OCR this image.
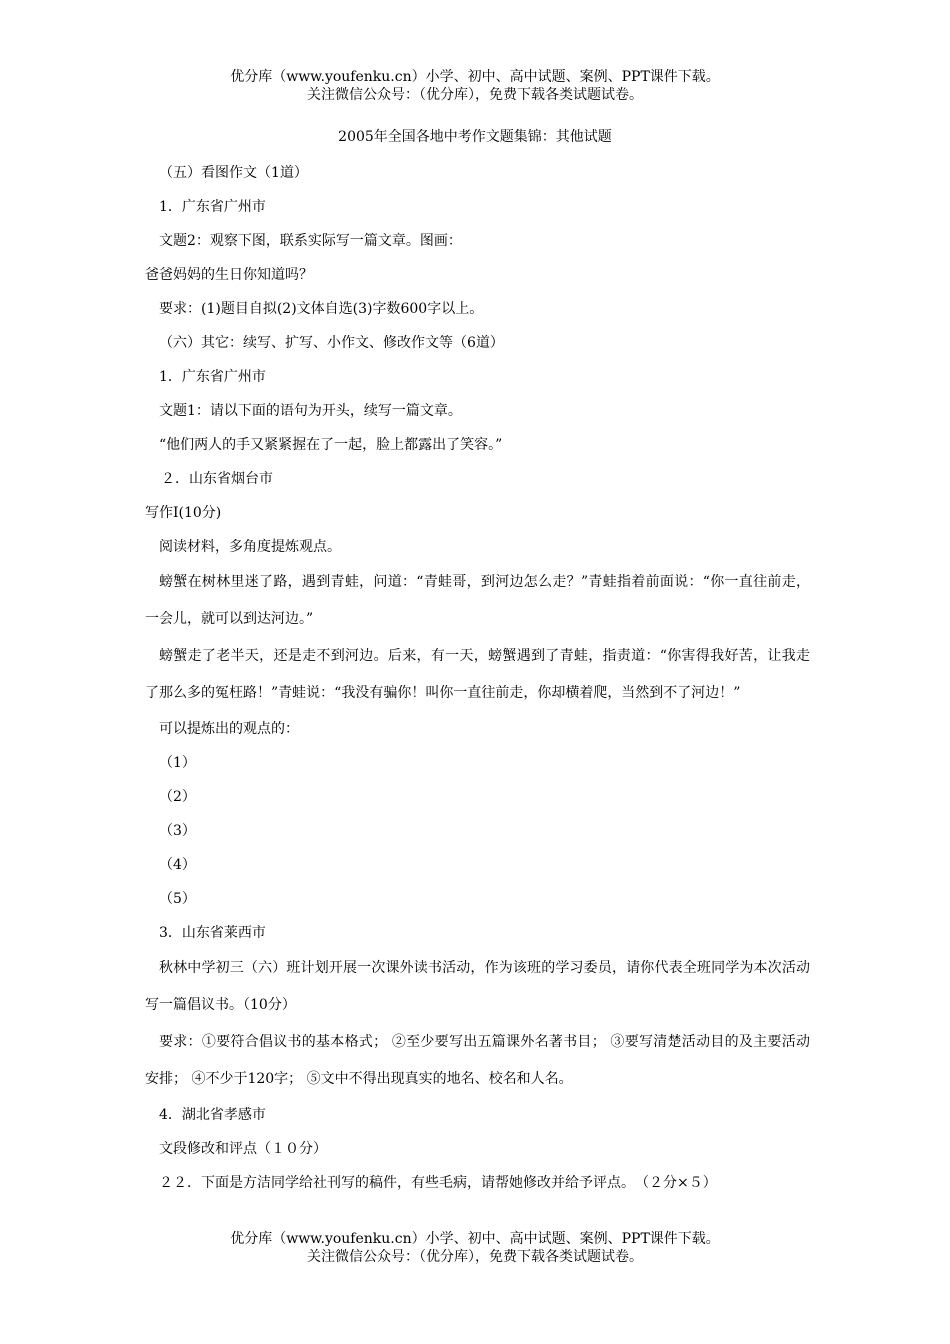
优分库（www.youfenku.cn）小学、初中、高中试题、案例、PPT课件下载。
关注微信公众号：（优分库），免费下载各类试题试卷。
2005年全国各地中考作文题集锦：其他试题

（五）看图作文（1道）

1．广东省广州市

文题2：观察下图，联系实际写一篇文章。图画：

爸爸妈妈的生日你知道吗？

要求：(1)题目自拟(2)文体自选(3)字数600字以上。

（六）其它：续写、扩写、小作文、修改作文等（6道）

1．广东省广州市

文题1：请以下面的语句为开头，续写一篇文章。

“他们两人的手又紧紧握在了一起，脸上都露出了笑容。”

２．山东省烟台市

写作Ⅰ(10分)

阅读材料，多角度提炼观点。

螃蟹在树林里迷了路，遇到青蛙，问道：“青蛙哥，到河边怎么走？”青蛙指着前面说：“你一直往前走，一会儿，就可以到达河边。”

螃蟹走了老半天，还是走不到河边。后来，有一天，螃蟹遇到了青蛙，指责道：“你害得我好苦，让我走了那么多的冤枉路！”青蛙说：“我没有骗你！叫你一直往前走，你却横着爬，当然到不了河边！”

可以提炼出的观点的：

（1）

（2）

（3）

（4）

（5）

3．山东省莱西市

秋林中学初三（六）班计划开展一次课外读书活动，作为该班的学习委员，请你代表全班同学为本次活动写一篇倡议书。（10分）

要求：①要符合倡议书的基本格式； ②至少要写出五篇课外名著书目； ③要写清楚活动目的及主要活动安排； ④不少于120字； ⑤文中不得出现真实的地名、校名和人名。

4．湖北省孝感市

文段修改和评点（１０分）

２２．下面是方洁同学给社刊写的稿件，有些毛病，请帮她修改并给予评点。　（２分×５）

优分库（www.youfenku.cn）小学、初中、高中试题、案例、PPT课件下载。
关注微信公众号：（优分库），免费下载各类试题试卷。
